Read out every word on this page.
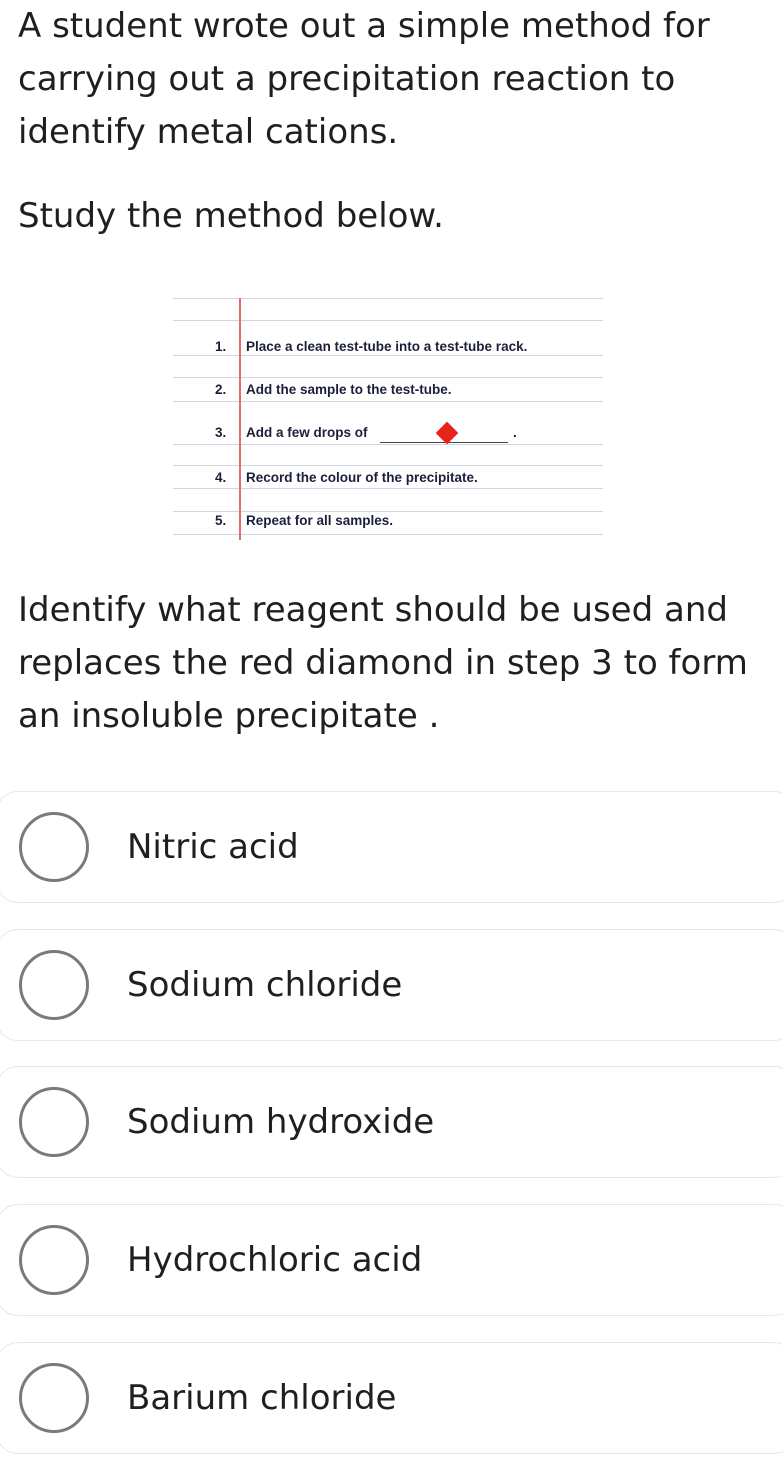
A student wrote out a simple method for carrying out a precipitation reaction to identify metal cations.

Study the method below.

1. Place a clean test-tube into a test-tube rack.
2. Add the sample to the test-tube.
3. Add a few drops of	.
4. Record the colour of the precipitate.
5. Repeat for all samples.

Identify what reagent should be used and replaces the red diamond in step 3 to form an insoluble precipitate .

Nitric acid
Sodium chloride
Sodium hydroxide
Hydrochloric acid
Barium chloride
